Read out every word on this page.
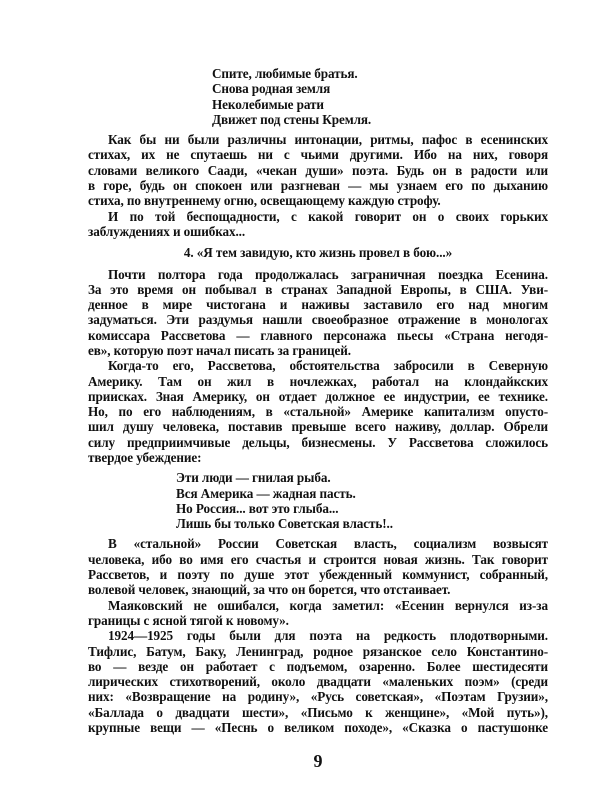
Спите, любимые братья.
Снова родная земля
Неколебимые рати
Движет под стены Кремля.
Как бы ни были различны интонации, ритмы, пафос в есенинских
стихах, их не спутаешь ни с чьими другими. Ибо на них, говоря
словами великого Саади, «чекан души» поэта. Будь он в радости или
в горе, будь он спокоен или разгневан — мы узнаем его по дыханию
стиха, по внутреннему огню, освещающему каждую строфу.
И по той беспощадности, с какой говорит он о своих горьких
заблуждениях и ошибках...
Почти полтора года продолжалась заграничная поездка Есенина.
За это время он побывал в странах Западной Европы, в США. Уви-
денное в мире чистогана и наживы заставило его над многим
задуматься. Эти раздумья нашли своеобразное отражение в монологах
комиссара Рассветова — главного персонажа пьесы «Страна негодя-
ев», которую поэт начал писать за границей.
Когда-то его, Рассветова, обстоятельства забросили в Северную
Америку. Там он жил в ночлежках, работал на клондайкских
приисках. Зная Америку, он отдает должное ее индустрии, ее технике.
Но, по его наблюдениям, в «стальной» Америке капитализм опусто-
шил душу человека, поставив превыше всего наживу, доллар. Обрели
силу предприимчивые дельцы, бизнесмены. У Рассветова сложилось
твердое убеждение:
Эти люди — гнилая рыба.
Вся Америка — жадная пасть.
Но Россия... вот это глыба...
Лишь бы только Советская власть!..
В «стальной» России Советская власть, социализм возвысят
человека, ибо во имя его счастья и строится новая жизнь. Так говорит
Рассветов, и поэту по душе этот убежденный коммунист, собранный,
волевой человек, знающий, за что он борется, что отстаивает.
Маяковский не ошибался, когда заметил: «Есенин вернулся из-за
границы с ясной тягой к новому».
1924—1925 годы были для поэта на редкость плодотворными.
Тифлис, Батум, Баку, Ленинград, родное рязанское село Константино-
во — везде он работает с подъемом, озаренно. Более шестидесяти
лирических стихотворений, около двадцати «маленьких поэм» (среди
них: «Возвращение на родину», «Русь советская», «Поэтам Грузии»,
«Баллада о двадцати шести», «Письмо к женщине», «Мой путь»),
крупные вещи — «Песнь о великом походе», «Сказка о пастушонке
4. «Я тем завидую, кто жизнь провел в бою...»
9
